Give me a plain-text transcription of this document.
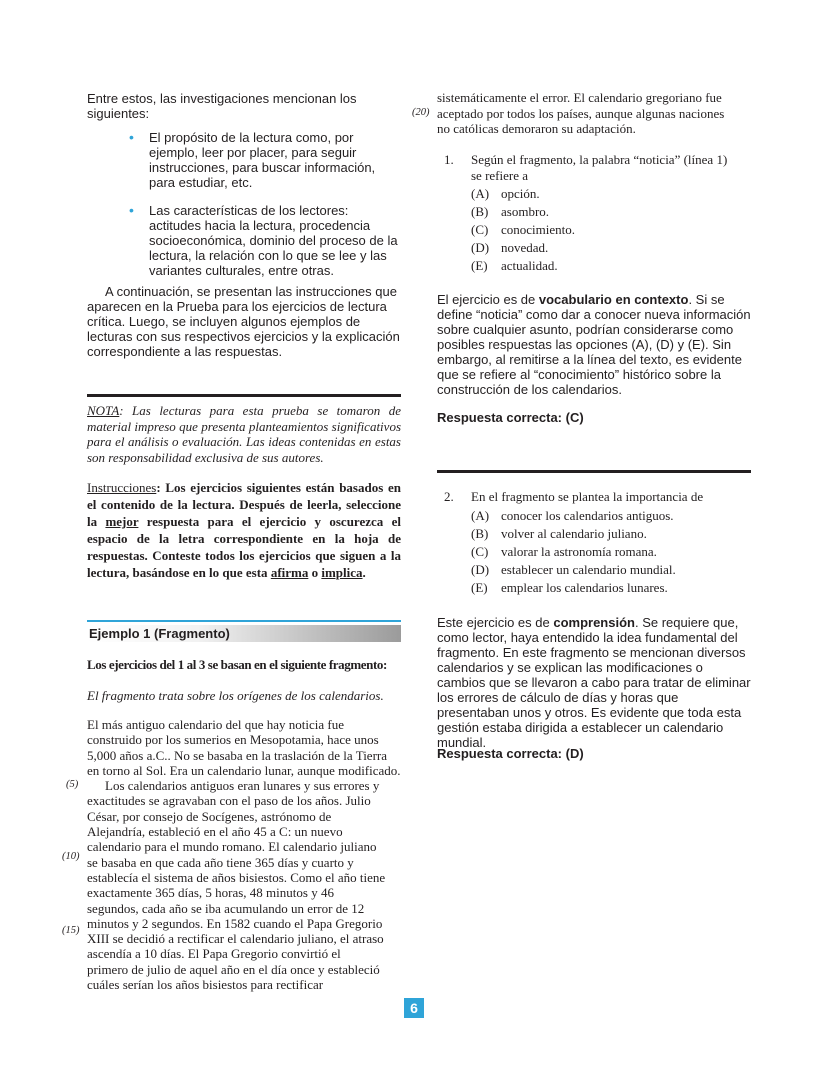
Entre estos, las investigaciones mencionan los siguientes:

• El propósito de la lectura como, por ejemplo, leer por placer, para seguir instrucciones, para buscar información, para estudiar, etc.

• Las características de los lectores: actitudes hacia la lectura, procedencia socioeconómica, dominio del proceso de la lectura, la relación con lo que se lee y las variantes culturales, entre otras.

A continuación, se presentan las instrucciones que aparecen en la Prueba para los ejercicios de lectura crítica. Luego, se incluyen algunos ejemplos de lecturas con sus respectivos ejercicios y la explicación correspondiente a las respuestas.

NOTA: Las lecturas para esta prueba se tomaron de material impreso que presenta planteamientos significativos para el análisis o evaluación. Las ideas contenidas en estas son responsabilidad exclusiva de sus autores.

Instrucciones: Los ejercicios siguientes están basados en el contenido de la lectura. Después de leerla, seleccione la mejor respuesta para el ejercicio y oscurezca el espacio de la letra correspondiente en la hoja de respuestas. Conteste todos los ejercicios que siguen a la lectura, basándose en lo que esta afirma o implica.

Ejemplo 1 (Fragmento)

Los ejercicios del 1 al 3 se basan en el siguiente fragmento:

El fragmento trata sobre los orígenes de los calendarios.

El más antiguo calendario del que hay noticia fue
construido por los sumerios en Mesopotamia, hace unos
5,000 años a.C.. No se basaba en la traslación de la Tierra
en torno al Sol. Era un calendario lunar, aunque modificado.
Los calendarios antiguos eran lunares y sus errores y
exactitudes se agravaban con el paso de los años. Julio
César, por consejo de Socígenes, astrónomo de
Alejandría, estableció en el año 45 a C: un nuevo
calendario para el mundo romano. El calendario juliano
se basaba en que cada año tiene 365 días y cuarto y
establecía el sistema de años bisiestos. Como el año tiene
exactamente 365 días, 5 horas, 48 minutos y 46
segundos, cada año se iba acumulando un error de 12
minutos y 2 segundos. En 1582 cuando el Papa Gregorio
XIII se decidió a rectificar el calendario juliano, el atraso
ascendía a 10 días. El Papa Gregorio convirtió el
primero de julio de aquel año en el día once y estableció
cuáles serían los años bisiestos para rectificar
(5)
(10)
(15)
sistemáticamente el error. El calendario gregoriano fue
aceptado por todos los países, aunque algunas naciones
no católicas demoraron su adaptación.
(20)
1. Según el fragmento, la palabra “noticia” (línea 1) se refiere a

(A) opción.
(B) asombro.
(C) conocimiento.
(D) novedad.
(E) actualidad.

El ejercicio es de vocabulario en contexto. Si se define “noticia” como dar a conocer nueva información sobre cualquier asunto, podrían considerarse como posibles respuestas las opciones (A), (D) y (E). Sin embargo, al remitirse a la línea del texto, es evidente que se refiere al “conocimiento” histórico sobre la construcción de los calendarios.

Respuesta correcta: (C)

2. En el fragmento se plantea la importancia de

(A) conocer los calendarios antiguos.
(B) volver al calendario juliano.
(C) valorar la astronomía romana.
(D) establecer un calendario mundial.
(E) emplear los calendarios lunares.

Este ejercicio es de comprensión. Se requiere que, como lector, haya entendido la idea fundamental del fragmento. En este fragmento se mencionan diversos calendarios y se explican las modificaciones o cambios que se llevaron a cabo para tratar de eliminar los errores de cálculo de días y horas que presentaban unos y otros. Es evidente que toda esta gestión estaba dirigida a establecer un calendario mundial.

Respuesta correcta: (D)

6
